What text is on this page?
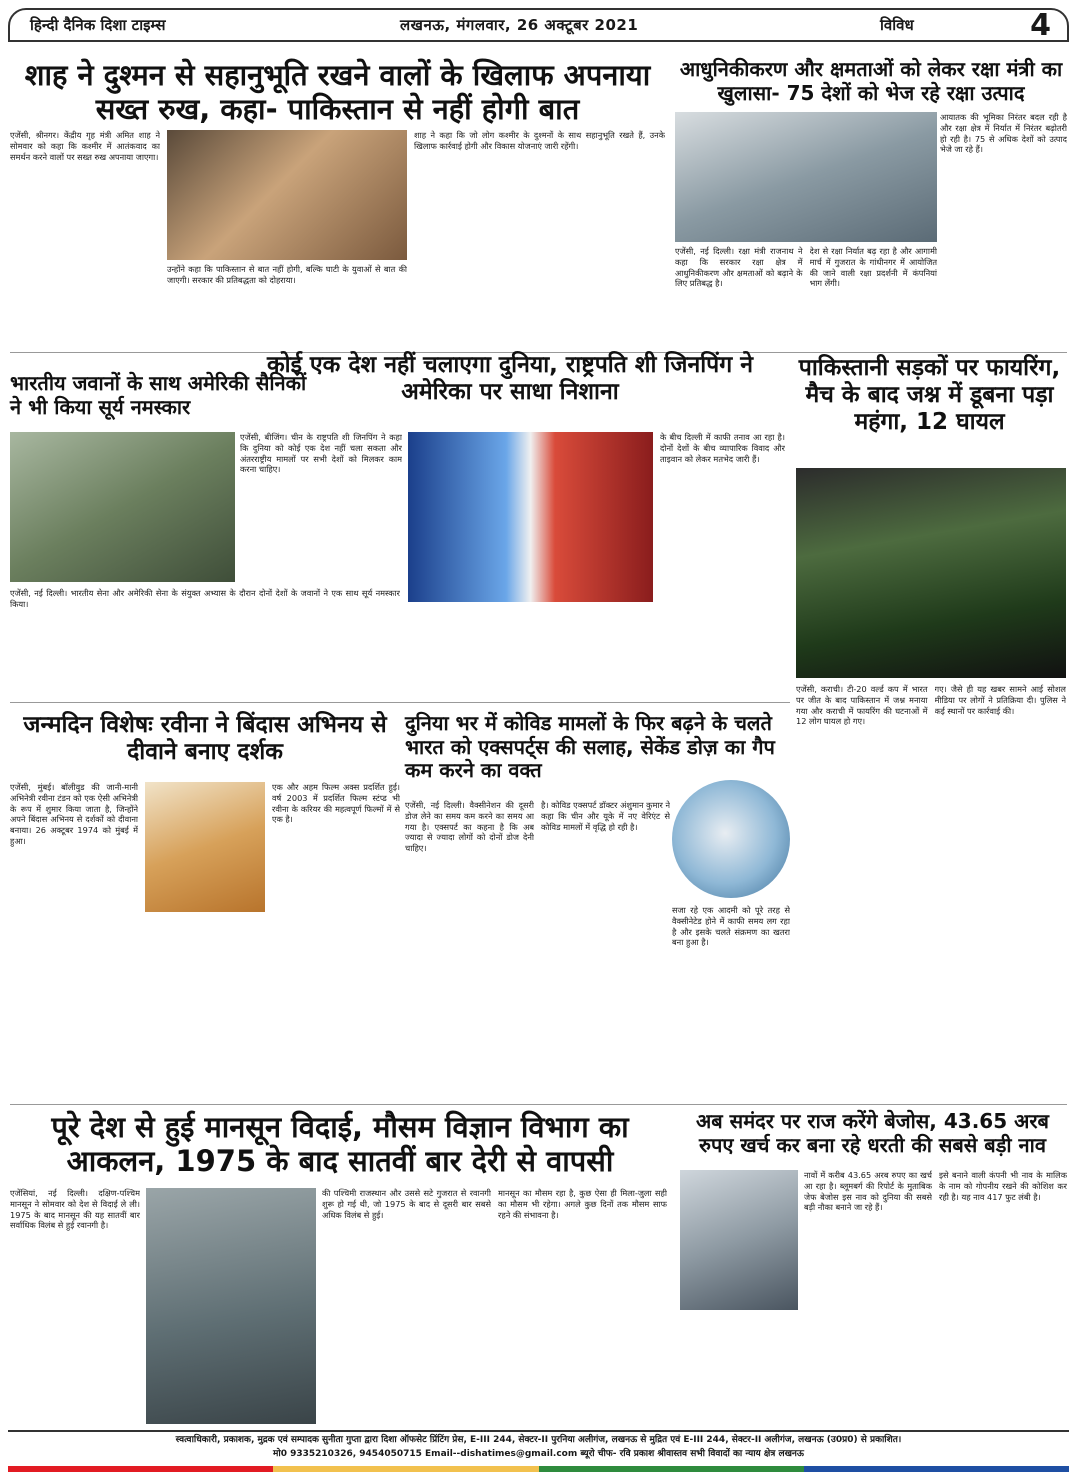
हिन्दी दैनिक दिशा टाइम्स	लखनऊ, मंगलवार, 26 अक्टूबर 2021	विविध	4
शाह ने दुश्मन से सहानुभूति रखने वालों के खिलाफ अपनाया सख्त रुख, कहा- पाकिस्तान से नहीं होगी बात

एजेंसी, श्रीनगर। केंद्रीय गृह मंत्री अमित शाह ने सोमवार को कहा कि कश्मीर में आतंकवाद का समर्थन करने वालों पर सख्त रुख अपनाया जाएगा।

उन्होंने कहा कि पाकिस्तान से बात नहीं होगी, बल्कि घाटी के युवाओं से बात की जाएगी। सरकार की प्रतिबद्धता को दोहराया।

शाह ने कहा कि जो लोग कश्मीर के दुश्मनों के साथ सहानुभूति रखते हैं, उनके खिलाफ कार्रवाई होगी और विकास योजनाएं जारी रहेंगी।

आधुनिकीकरण और क्षमताओं को लेकर रक्षा मंत्री का खुलासा- 75 देशों को भेज रहे रक्षा उत्पाद

आयातक की भूमिका निरंतर बदल रही है और रक्षा क्षेत्र में निर्यात में निरंतर बढ़ोतरी हो रही है। 75 से अधिक देशों को उत्पाद भेजे जा रहे हैं।

एजेंसी, नई दिल्ली। रक्षा मंत्री राजनाथ ने कहा कि सरकार रक्षा क्षेत्र में आधुनिकीकरण और क्षमताओं को बढ़ाने के लिए प्रतिबद्ध है।

देश से रक्षा निर्यात बढ़ रहा है और आगामी मार्च में गुजरात के गांधीनगर में आयोजित की जाने वाली रक्षा प्रदर्शनी में कंपनियां भाग लेंगी।

भारतीय जवानों के साथ अमेरिकी सैनिकों ने भी किया सूर्य नमस्कार

एजेंसी, नई दिल्ली। भारतीय सेना और अमेरिकी सेना के संयुक्त अभ्यास के दौरान दोनों देशों के जवानों ने एक साथ सूर्य नमस्कार किया।

कोई एक देश नहीं चलाएगा दुनिया, राष्ट्रपति शी जिनपिंग ने अमेरिका पर साधा निशाना

एजेंसी, बीजिंग। चीन के राष्ट्रपति शी जिनपिंग ने कहा कि दुनिया को कोई एक देश नहीं चला सकता और अंतरराष्ट्रीय मामलों पर सभी देशों को मिलकर काम करना चाहिए।

के बीच दिल्ली में काफी तनाव आ रहा है। दोनों देशों के बीच व्यापारिक विवाद और ताइवान को लेकर मतभेद जारी हैं।

पाकिस्तानी सड़कों पर फायरिंग, मैच के बाद जश्न में डूबना पड़ा महंगा, 12 घायल

एजेंसी, कराची। टी-20 वर्ल्ड कप में भारत पर जीत के बाद पाकिस्तान में जश्न मनाया गया और कराची में फायरिंग की घटनाओं में 12 लोग घायल हो गए।

गए। जैसे ही यह खबर सामने आई सोशल मीडिया पर लोगों ने प्रतिक्रिया दी। पुलिस ने कई स्थानों पर कार्रवाई की।

जन्मदिन विशेषः रवीना ने बिंदास अभिनय से दीवाने बनाए दर्शक

एजेंसी, मुंबई। बॉलीवुड की जानी-मानी अभिनेत्री रवीना टंडन को एक ऐसी अभिनेत्री के रूप में शुमार किया जाता है, जिन्होंने अपने बिंदास अभिनय से दर्शकों को दीवाना बनाया। 26 अक्टूबर 1974 को मुंबई में हुआ।

एक और अहम फिल्म अक्स प्रदर्शित हुई। वर्ष 2003 में प्रदर्शित फिल्म स्टंप्ड भी रवीना के करियर की महत्वपूर्ण फिल्मों में से एक है।

दुनिया भर में कोविड मामलों के फिर बढ़ने के चलते भारत को एक्सपर्ट्स की सलाह, सेकेंड डोज़ का गैप कम करने का वक्त

एजेंसी, नई दिल्ली। वैक्सीनेशन की दूसरी डोज लेने का समय कम करने का समय आ गया है। एक्सपर्ट का कहना है कि अब ज्यादा से ज्यादा लोगों को दोनों डोज देनी चाहिए।

है। कोविड एक्सपर्ट डॉक्टर अंशुमान कुमार ने कहा कि चीन और यूके में नए वेरिएंट से कोविड मामलों में वृद्धि हो रही है।

सजा रहे एक आदमी को पूरे तरह से वैक्सीनेटेड होने में काफी समय लग रहा है और इसके चलते संक्रमण का खतरा बना हुआ है।

पूरे देश से हुई मानसून विदाई, मौसम विज्ञान विभाग का आकलन, 1975 के बाद सातवीं बार देरी से वापसी

एजेंसियां, नई दिल्ली। दक्षिण-पश्चिम मानसून ने सोमवार को देश से विदाई ले ली। 1975 के बाद मानसून की यह सातवीं बार सर्वाधिक विलंब से हुई रवानगी है।

की पश्चिमी राजस्थान और उससे सटे गुजरात से रवानगी शुरू हो गई थी, जो 1975 के बाद से दूसरी बार सबसे अधिक विलंब से हुई।

मानसून का मौसम रहा है, कुछ ऐसा ही मिला-जुला सही का मौसम भी रहेगा। अगले कुछ दिनों तक मौसम साफ रहने की संभावना है।

अब समंदर पर राज करेंगे बेजोस, 43.65 अरब रुपए खर्च कर बना रहे धरती की सबसे बड़ी नाव

नावों में करीब 43.65 अरब रुपए का खर्च आ रहा है। ब्लूमबर्ग की रिपोर्ट के मुताबिक जेफ बेजोस इस नाव को दुनिया की सबसे बड़ी नौका बनाने जा रहे हैं।

इसे बनाने वाली कंपनी भी नाव के मालिक के नाम को गोपनीय रखने की कोशिश कर रही है। यह नाव 417 फुट लंबी है।

स्वत्वाधिकारी, प्रकाशक, मुद्रक एवं सम्पादक सुनीता गुप्ता द्वारा दिशा ऑफसेट प्रिंटिंग प्रेस, E-III 244, सेक्टर-II पुरनिया अलीगंज, लखनऊ से मुद्रित एवं E-III 244, सेक्टर-II अलीगंज, लखनऊ (उ0प्र0) से प्रकाशित।
मो0 9335210326, 9454050715 Email--dishatimes@gmail.com ब्यूरो चीफ- रवि प्रकाश श्रीवास्तव सभी विवादों का न्याय क्षेत्र लखनऊ
